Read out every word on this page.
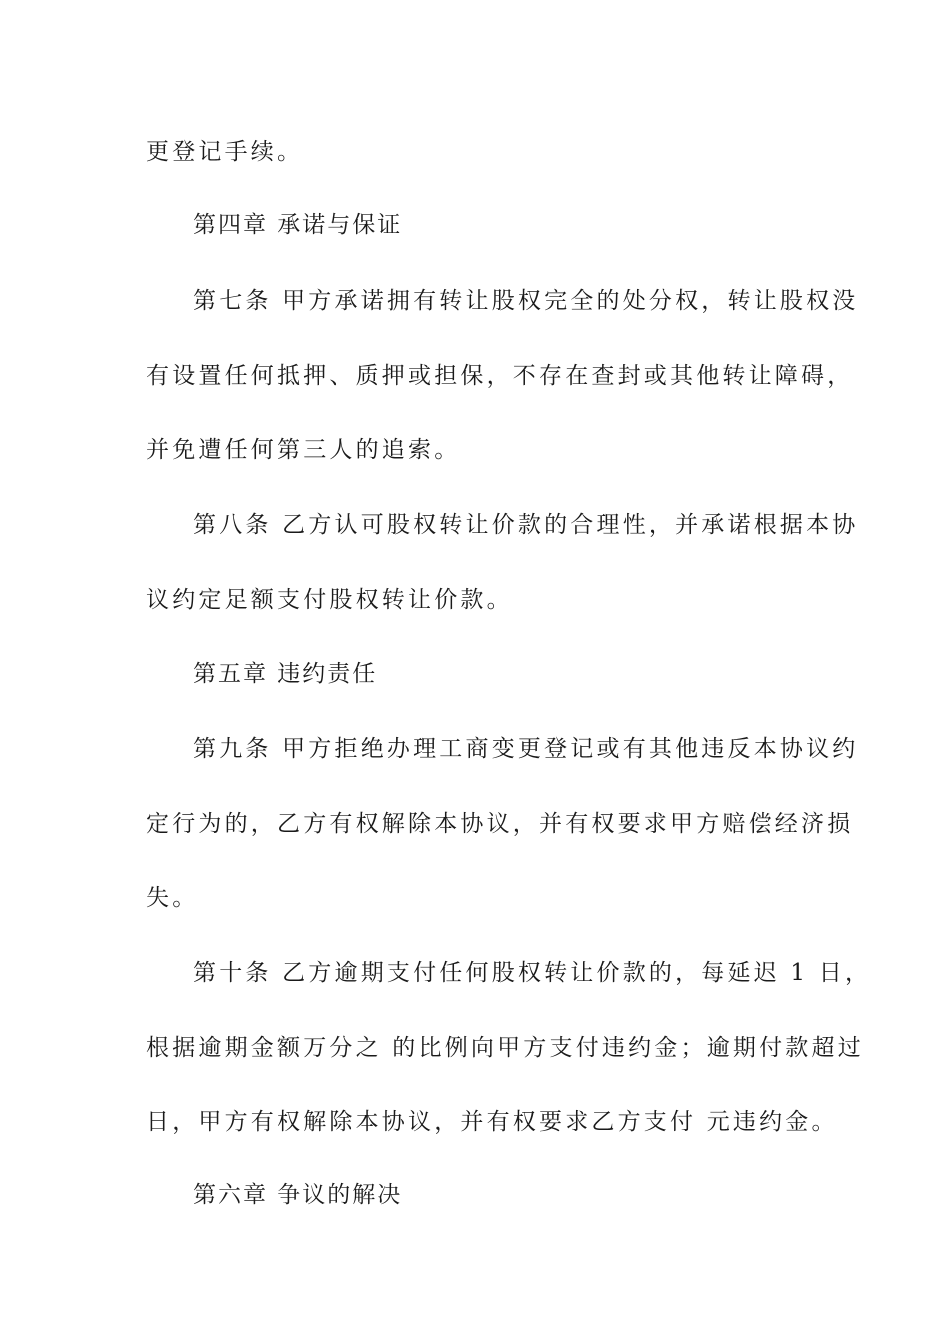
更登记手续。
第四章 承诺与保证
第七条 甲方承诺拥有转让股权完全的处分权，转让股权没
有设置任何抵押、质押或担保，不存在查封或其他转让障碍，
并免遭任何第三人的追索。
第八条 乙方认可股权转让价款的合理性，并承诺根据本协
议约定足额支付股权转让价款。
第五章 违约责任
第九条 甲方拒绝办理工商变更登记或有其他违反本协议约
定行为的，乙方有权解除本协议，并有权要求甲方赔偿经济损
失。
第十条 乙方逾期支付任何股权转让价款的，每延迟 1 日，
根据逾期金额万分之 的比例向甲方支付违约金；逾期付款超过
日，甲方有权解除本协议，并有权要求乙方支付 元违约金。
第六章 争议的解决
